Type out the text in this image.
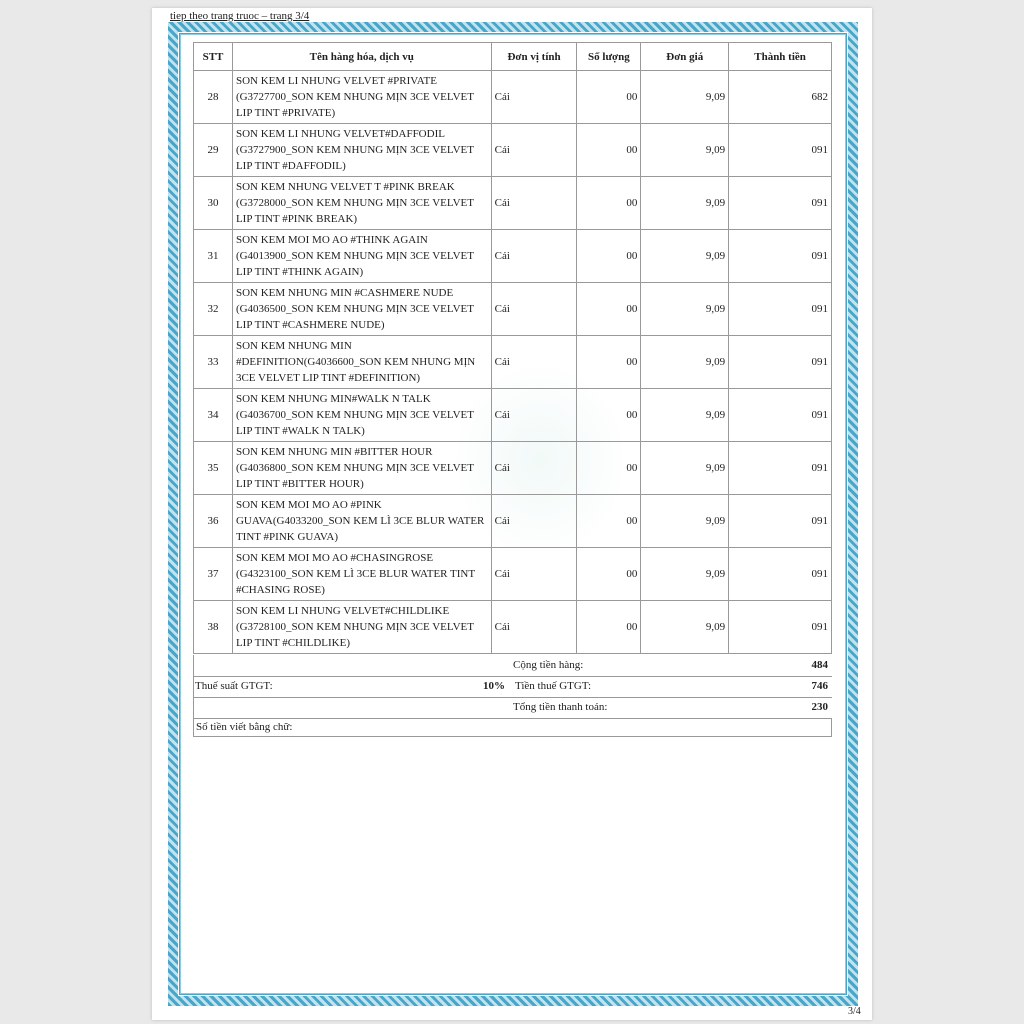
tiep theo trang truoc – trang 3/4
STT	Tên hàng hóa, dịch vụ	Đơn vị tính	Số lượng	Đơn giá	Thành tiền
28	SON KEM LI NHUNG VELVET #PRIVATE (G3727700_SON KEM NHUNG MỊN 3CE VELVET LIP TINT #PRIVATE)	Cái	00	9,09	682
29	SON KEM LI NHUNG VELVET#DAFFODIL (G3727900_SON KEM NHUNG MỊN 3CE VELVET LIP TINT #DAFFODIL)	Cái	00	9,09	091
30	SON KEM NHUNG VELVET T #PINK BREAK (G3728000_SON KEM NHUNG MỊN 3CE VELVET LIP TINT #PINK BREAK)	Cái	00	9,09	091
31	SON KEM MOI MO AO #THINK AGAIN (G4013900_SON KEM NHUNG MỊN 3CE VELVET LIP TINT #THINK AGAIN)	Cái	00	9,09	091
32	SON KEM NHUNG MIN #CASHMERE NUDE (G4036500_SON KEM NHUNG MỊN 3CE VELVET LIP TINT #CASHMERE NUDE)	Cái	00	9,09	091
33	SON KEM NHUNG MIN #DEFINITION(G4036600_SON KEM NHUNG MỊN 3CE VELVET LIP TINT #DEFINITION)	Cái	00	9,09	091
34	SON KEM NHUNG MIN#WALK N TALK (G4036700_SON KEM NHUNG MỊN 3CE VELVET LIP TINT #WALK N TALK)	Cái	00	9,09	091
35	SON KEM NHUNG MIN #BITTER HOUR (G4036800_SON KEM NHUNG MỊN 3CE VELVET LIP TINT #BITTER HOUR)	Cái	00	9,09	091
36	SON KEM MOI MO AO #PINK GUAVA(G4033200_SON KEM LÌ 3CE BLUR WATER TINT #PINK GUAVA)	Cái	00	9,09	091
37	SON KEM MOI MO AO #CHASINGROSE (G4323100_SON KEM LÌ 3CE BLUR WATER TINT #CHASING ROSE)	Cái	00	9,09	091
38	SON KEM LI NHUNG VELVET#CHILDLIKE (G3728100_SON KEM NHUNG MỊN 3CE VELVET LIP TINT #CHILDLIKE)	Cái	00	9,09	091
Cộng tiền hàng:	484
Thuế suất GTGT:	10% Tiền thuế GTGT:	746
Tổng tiền thanh toán:	230
Số tiền viết bằng chữ:
3/4
